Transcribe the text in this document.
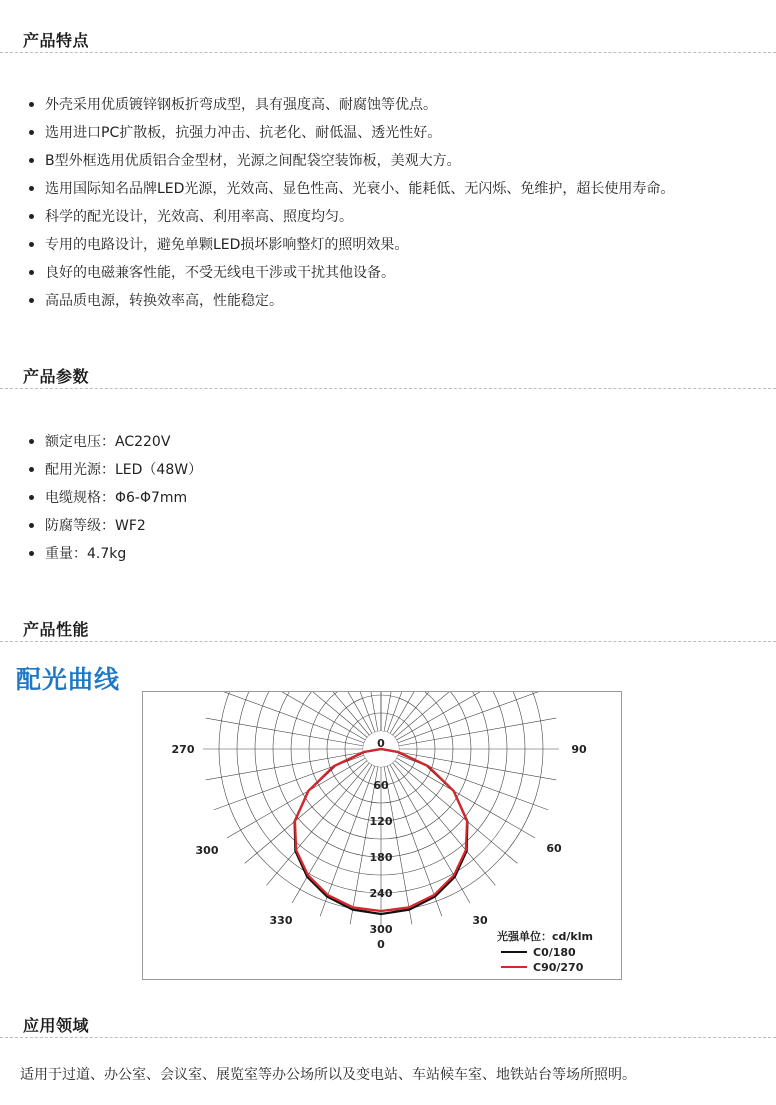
产品特点
外壳采用优质镀锌钢板折弯成型，具有强度高、耐腐蚀等优点。
选用进口PC扩散板，抗强力冲击、抗老化、耐低温、透光性好。
B型外框选用优质铝合金型材，光源之间配袋空装饰板，美观大方。
选用国际知名品牌LED光源，光效高、显色性高、光衰小、能耗低、无闪烁、免维护，超长使用寿命。
科学的配光设计，光效高、利用率高、照度均匀。
专用的电路设计，避免单颗LED损坏影响整灯的照明效果。
良好的电磁兼客性能，不受无线电干涉或干扰其他设备。
高品质电源，转换效率高，性能稳定。
产品参数
额定电压：AC220V
配用光源：LED（48W）
电缆规格：Φ6-Φ7mm
防腐等级：WF2
重量：4.7kg
产品性能
配光曲线
0
270	90
300	60
330	30
0
光强单位：cd/klm
C0/180
C90/270
60
120
180
240
300
应用领域
适用于过道、办公室、会议室、展览室等办公场所以及变电站、车站候车室、地铁站台等场所照明。
